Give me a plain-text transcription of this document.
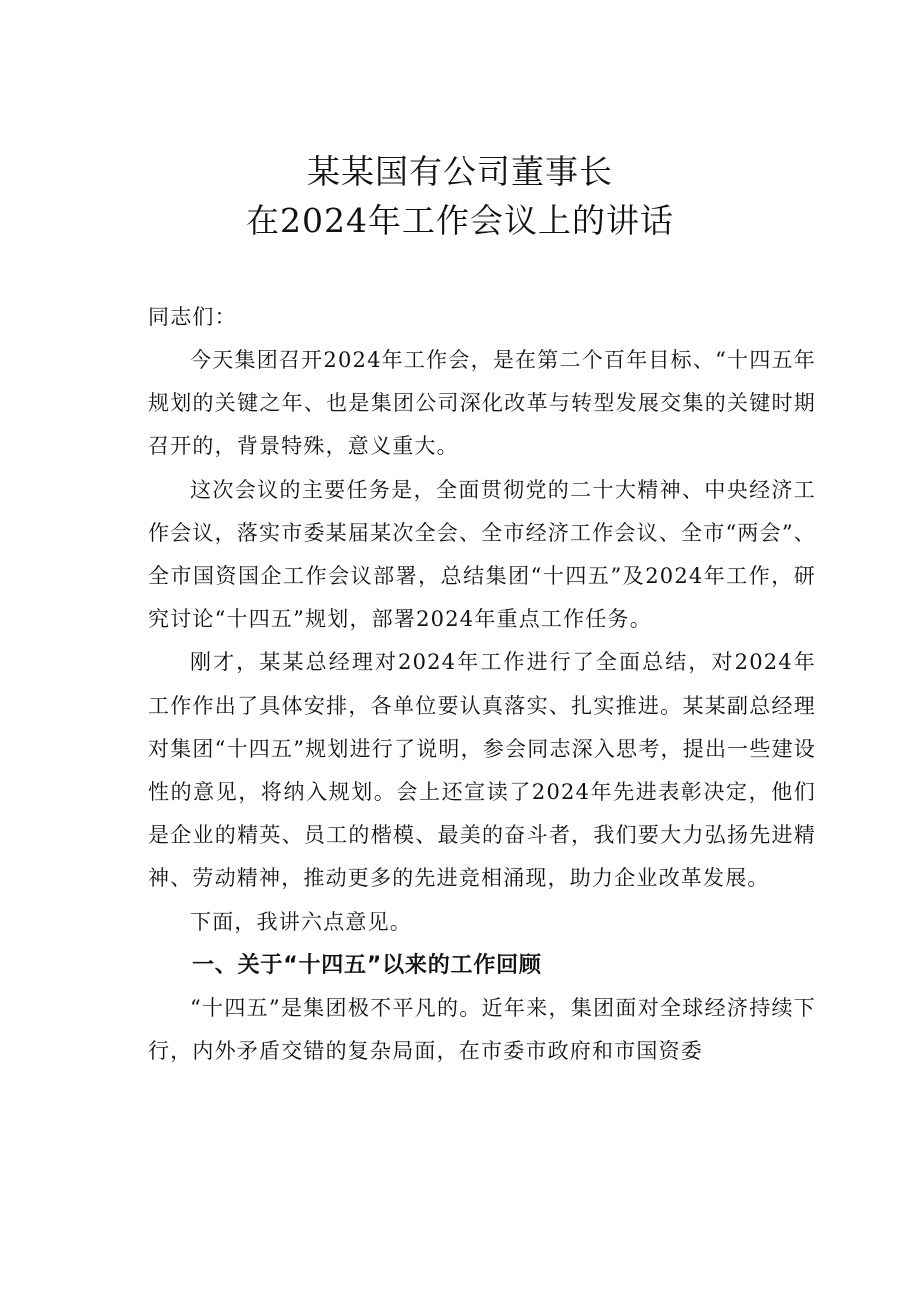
某某国有公司董事长
在2024年工作会议上的讲话
同志们：

今天集团召开2024年工作会，是在第二个百年目标、“十四五年规划的关键之年、也是集团公司深化改革与转型发展交集的关键时期召开的，背景特殊，意义重大。

这次会议的主要任务是，全面贯彻党的二十大精神、中央经济工作会议，落实市委某届某次全会、全市经济工作会议、全市“两会”、全市国资国企工作会议部署，总结集团“十四五”及2024年工作，研究讨论“十四五”规划，部署2024年重点工作任务。

刚才，某某总经理对2024年工作进行了全面总结，对2024年工作作出了具体安排，各单位要认真落实、扎实推进。某某副总经理对集团“十四五”规划进行了说明，参会同志深入思考，提出一些建设性的意见，将纳入规划。会上还宣读了2024年先进表彰决定，他们是企业的精英、员工的楷模、最美的奋斗者，我们要大力弘扬先进精神、劳动精神，推动更多的先进竞相涌现，助力企业改革发展。

下面，我讲六点意见。

一、关于“十四五”以来的工作回顾

“十四五”是集团极不平凡的。近年来，集团面对全球经济持续下行，内外矛盾交错的复杂局面，在市委市政府和市国资委
